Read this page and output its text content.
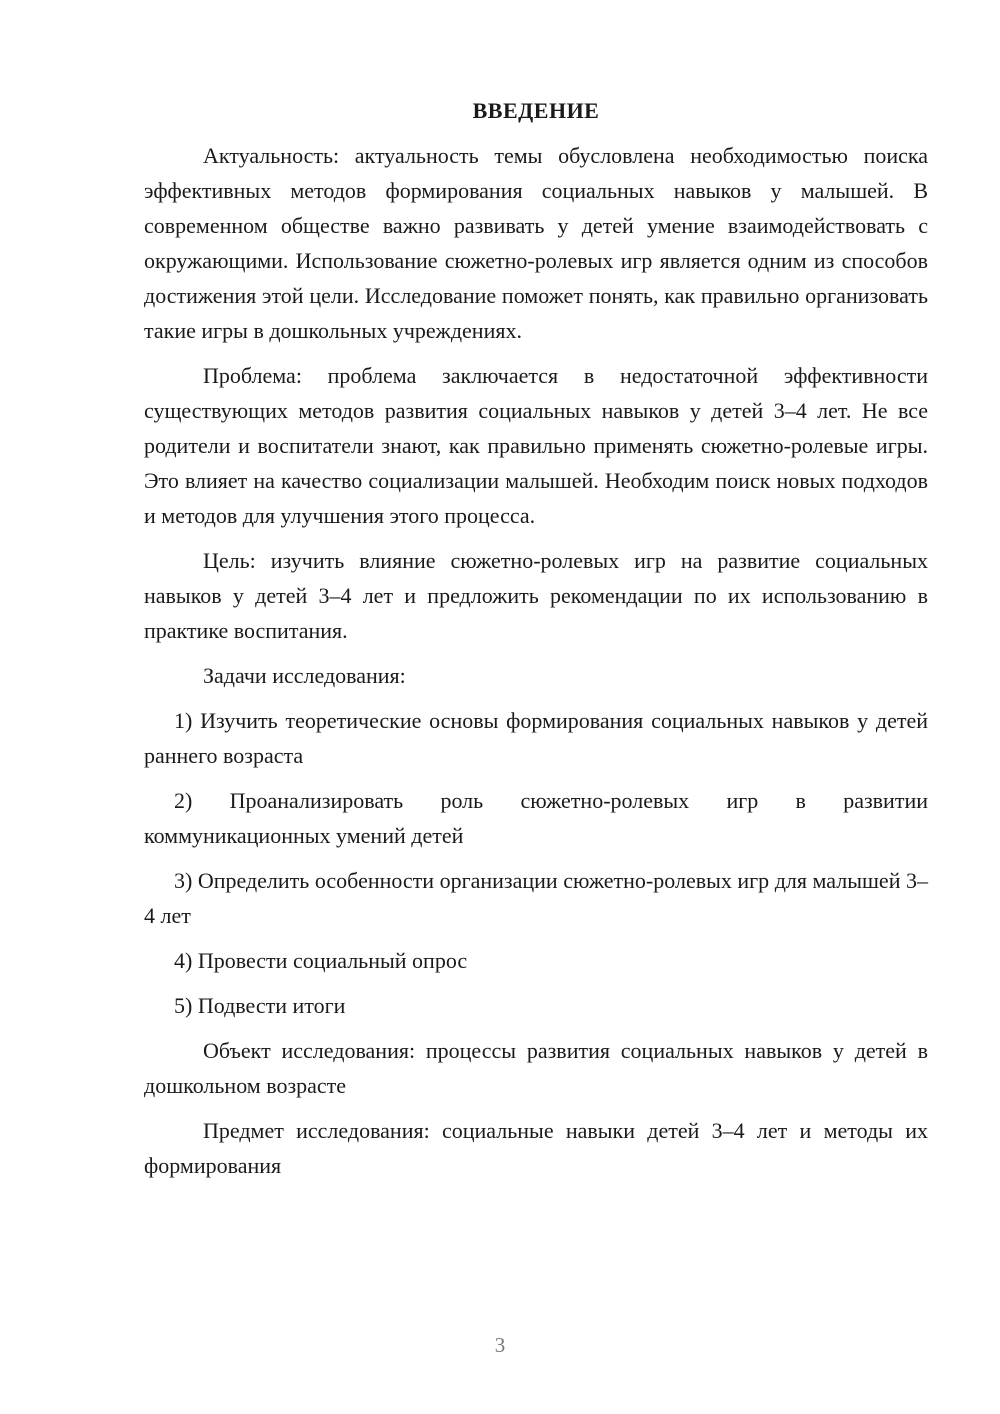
ВВЕДЕНИЕ

Актуальность: актуальность темы обусловлена необходимостью поиска эффективных методов формирования социальных навыков у малышей. В современном обществе важно развивать у детей умение взаимодействовать с окружающими. Использование сюжетно-ролевых игр является одним из способов достижения этой цели. Исследование поможет понять, как правильно организовать такие игры в дошкольных учреждениях.

Проблема: проблема заключается в недостаточной эффективности существующих методов развития социальных навыков у детей 3–4 лет. Не все родители и воспитатели знают, как правильно применять сюжетно-ролевые игры. Это влияет на качество социализации малышей. Необходим поиск новых подходов и методов для улучшения этого процесса.

Цель: изучить влияние сюжетно-ролевых игр на развитие социальных навыков у детей 3–4 лет и предложить рекомендации по их использованию в практике воспитания.

Задачи исследования:

1) Изучить теоретические основы формирования социальных навыков у детей раннего возраста
2) Проанализировать роль сюжетно-ролевых игр в развитии коммуникационных умений детей
3) Определить особенности организации сюжетно-ролевых игр для малышей 3–4 лет
4) Провести социальный опрос
5) Подвести итоги

Объект исследования: процессы развития социальных навыков у детей в дошкольном возрасте

Предмет исследования: социальные навыки детей 3–4 лет и методы их формирования

3
